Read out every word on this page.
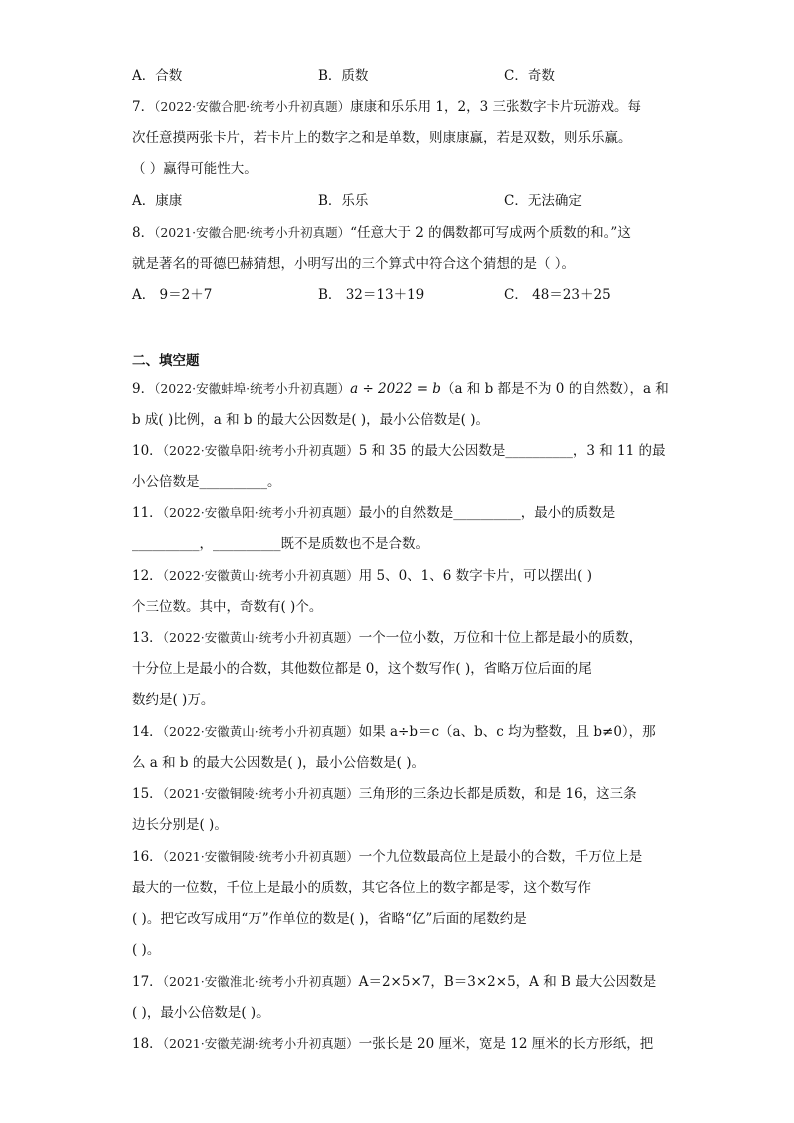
A．合数	B．质数	C．奇数
7．（2022·安徽合肥·统考小升初真题）康康和乐乐用 1，2，3 三张数字卡片玩游戏。每
次任意摸两张卡片，若卡片上的数字之和是单数，则康康赢，若是双数，则乐乐赢。
（ ）赢得可能性大。
A．康康	B．乐乐	C．无法确定
8．（2021·安徽合肥·统考小升初真题）“任意大于 2 的偶数都可写成两个质数的和。”这
就是著名的哥德巴赫猜想，小明写出的三个算式中符合这个猜想的是（ ）。
A． 9＝2＋7	B． 32＝13＋19	C． 48＝23＋25
二、填空题
9．（2022·安徽蚌埠·统考小升初真题）a ÷ 2022 = b（a 和 b 都是不为 0 的自然数），a 和
b 成( )比例，a 和 b 的最大公因数是( )，最小公倍数是( )。
10．（2022·安徽阜阳·统考小升初真题）5 和 35 的最大公因数是__________，3 和 11 的最
小公倍数是__________。
11．（2022·安徽阜阳·统考小升初真题）最小的自然数是__________，最小的质数是
__________，__________既不是质数也不是合数。
12．（2022·安徽黄山·统考小升初真题）用 5、0、1、6 数字卡片，可以摆出( )
个三位数。其中，奇数有( )个。
13．（2022·安徽黄山·统考小升初真题）一个一位小数，万位和十位上都是最小的质数，
十分位上是最小的合数，其他数位都是 0，这个数写作( )，省略万位后面的尾
数约是( )万。
14．（2022·安徽黄山·统考小升初真题）如果 a÷b＝c（a、b、c 均为整数，且 b≠0），那
么 a 和 b 的最大公因数是( )，最小公倍数是( )。
15．（2021·安徽铜陵·统考小升初真题）三角形的三条边长都是质数，和是 16，这三条
边长分别是( )。
16．（2021·安徽铜陵·统考小升初真题）一个九位数最高位上是最小的合数，千万位上是
最大的一位数，千位上是最小的质数，其它各位上的数字都是零，这个数写作
( )。把它改写成用“万”作单位的数是( )，省略“亿”后面的尾数约是
( )。
17．（2021·安徽淮北·统考小升初真题）A＝2×5×7，B＝3×2×5，A 和 B 最大公因数是
( )，最小公倍数是( )。
18．（2021·安徽芜湖·统考小升初真题）一张长是 20 厘米，宽是 12 厘米的长方形纸，把
